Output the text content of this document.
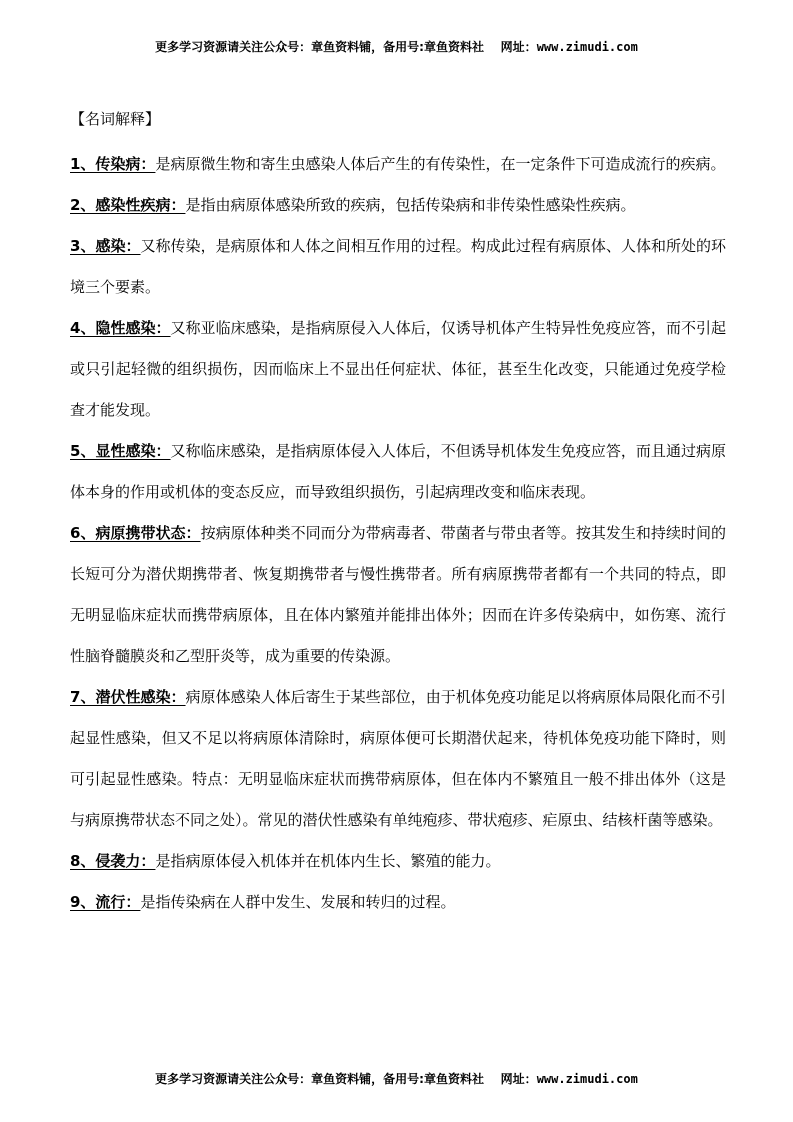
更多学习资源请关注公众号：章鱼资料铺，备用号:章鱼资料社 网址：www.zimudi.com
【名词解释】

1、传染病：是病原微生物和寄生虫感染人体后产生的有传染性，在一定条件下可造成流行的疾病。

2、感染性疾病：是指由病原体感染所致的疾病，包括传染病和非传染性感染性疾病。

3、感染：又称传染，是病原体和人体之间相互作用的过程。构成此过程有病原体、人体和所处的环境三个要素。

4、隐性感染：又称亚临床感染，是指病原侵入人体后，仅诱导机体产生特异性免疫应答，而不引起或只引起轻微的组织损伤，因而临床上不显出任何症状、体征，甚至生化改变，只能通过免疫学检查才能发现。

5、显性感染：又称临床感染，是指病原体侵入人体后，不但诱导机体发生免疫应答，而且通过病原体本身的作用或机体的变态反应，而导致组织损伤，引起病理改变和临床表现。

6、病原携带状态：按病原体种类不同而分为带病毒者、带菌者与带虫者等。按其发生和持续时间的长短可分为潜伏期携带者、恢复期携带者与慢性携带者。所有病原携带者都有一个共同的特点，即无明显临床症状而携带病原体，且在体内繁殖并能排出体外；因而在许多传染病中，如伤寒、流行性脑脊髓膜炎和乙型肝炎等，成为重要的传染源。

7、潜伏性感染：病原体感染人体后寄生于某些部位，由于机体免疫功能足以将病原体局限化而不引起显性感染，但又不足以将病原体清除时，病原体便可长期潜伏起来，待机体免疫功能下降时，则可引起显性感染。特点：无明显临床症状而携带病原体，但在体内不繁殖且一般不排出体外（这是与病原携带状态不同之处）。常见的潜伏性感染有单纯疱疹、带状疱疹、疟原虫、结核杆菌等感染。

8、侵袭力：是指病原体侵入机体并在机体内生长、繁殖的能力。

9、流行：是指传染病在人群中发生、发展和转归的过程。

更多学习资源请关注公众号：章鱼资料铺，备用号:章鱼资料社 网址：www.zimudi.com
